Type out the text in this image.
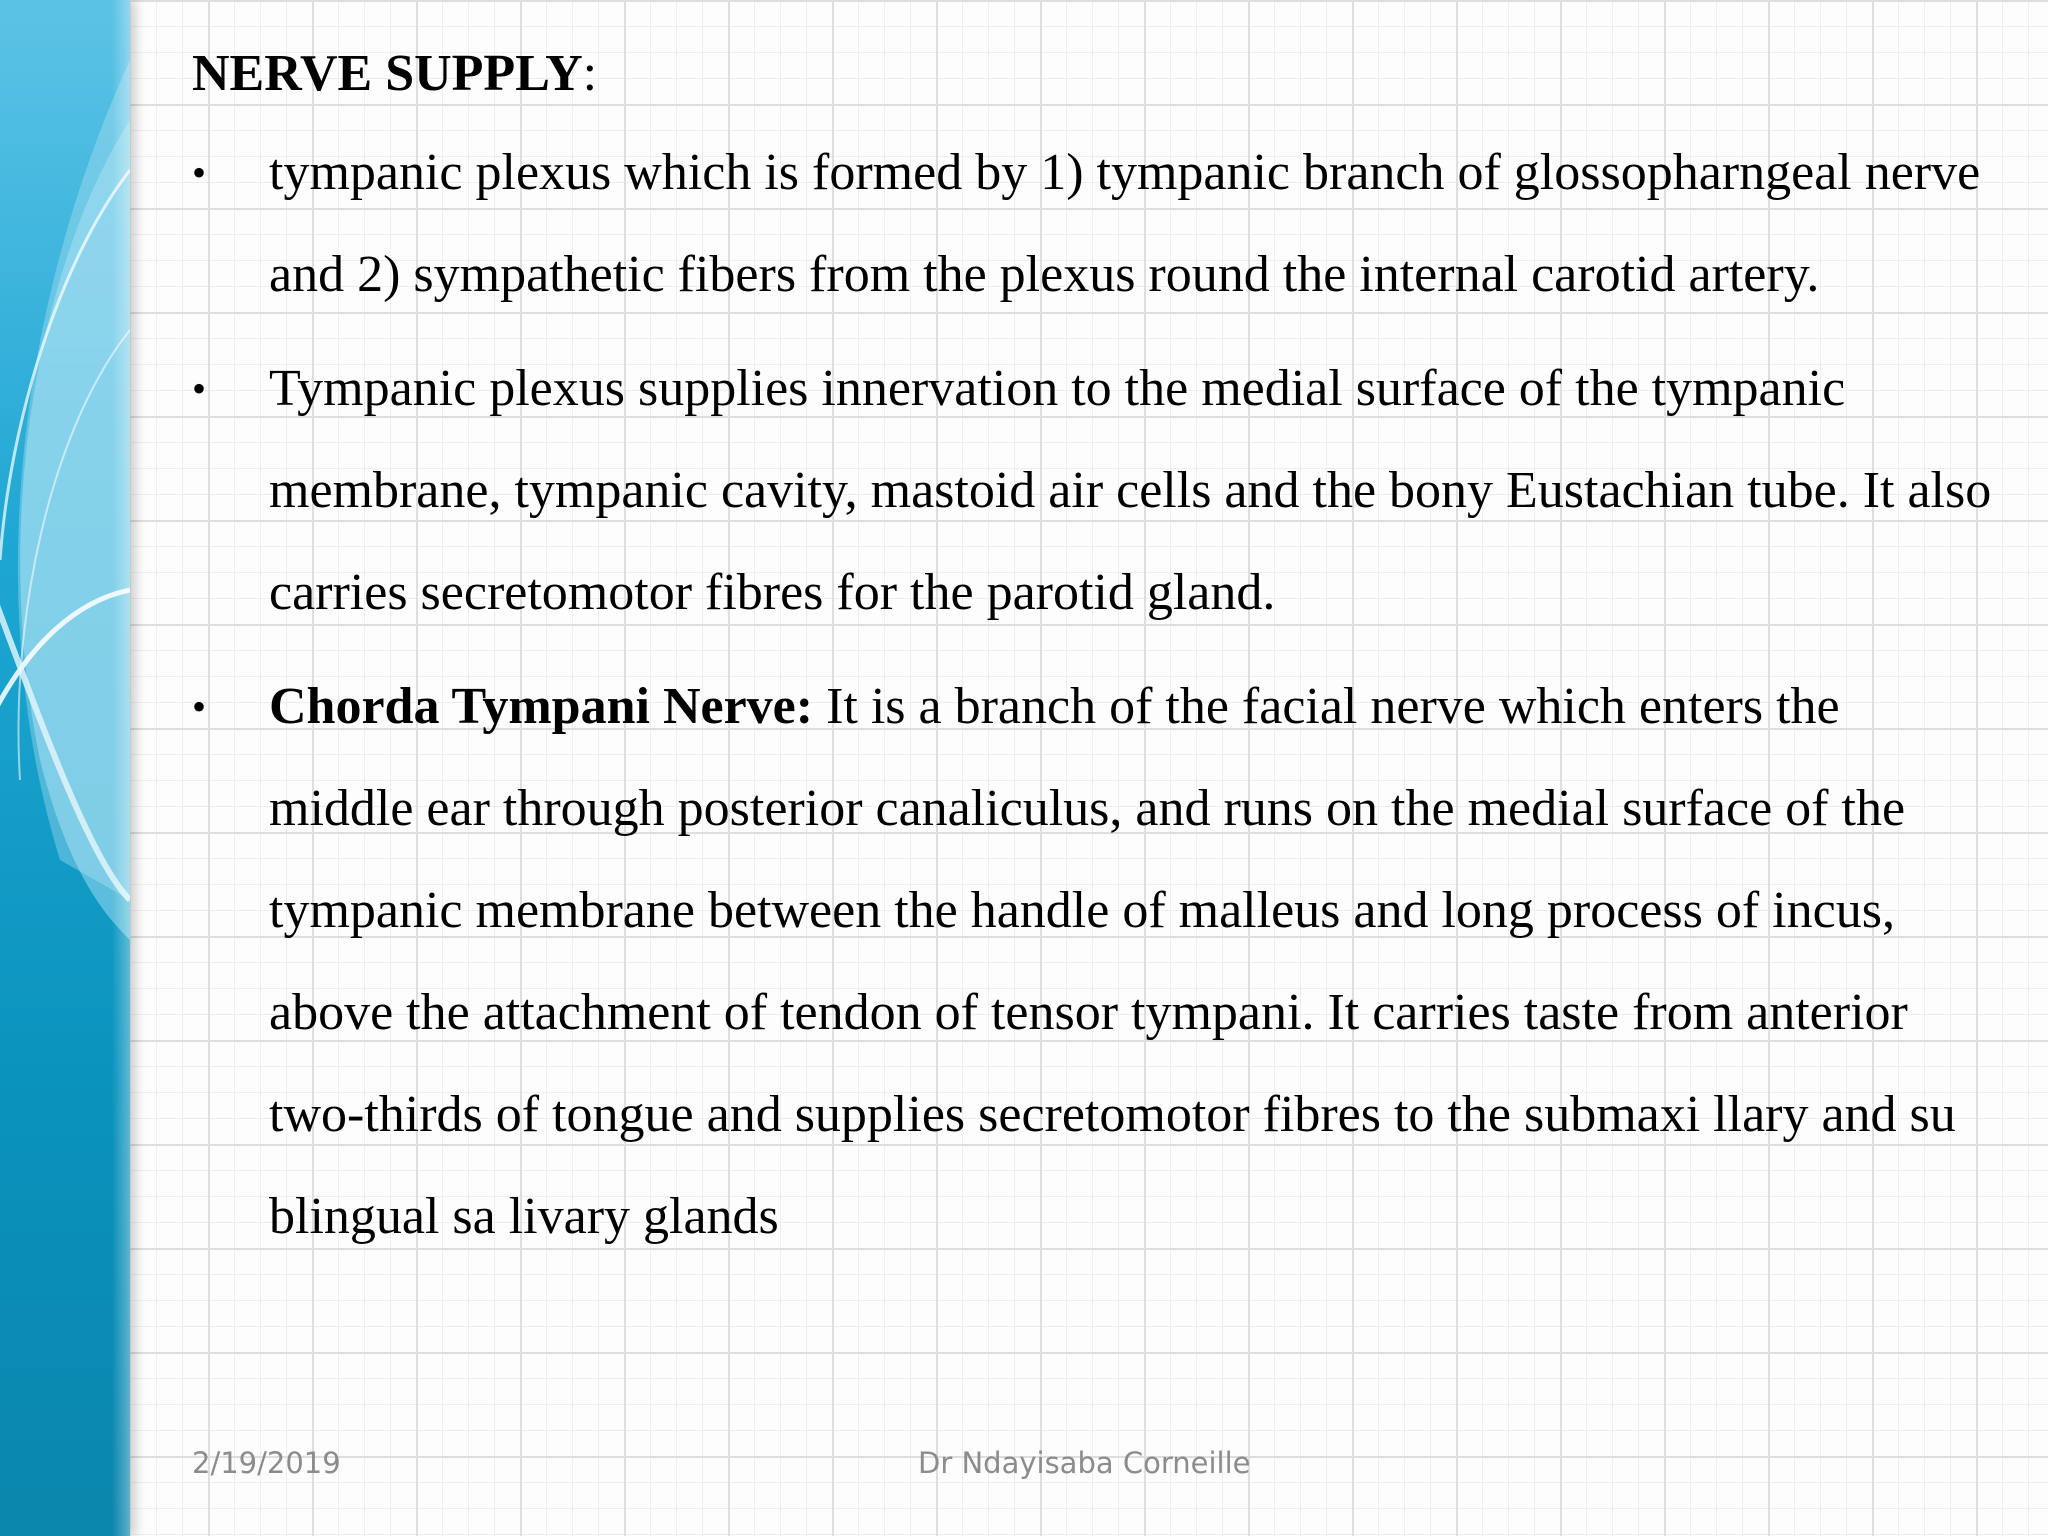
NERVE SUPPLY:
•	tympanic plexus which is formed by 1) tympanic branch of glossopharngeal nerve and 2) sympathetic fibers from the plexus round the internal carotid artery.
•	Tympanic plexus supplies innervation to the medial surface of the tympanic membrane, tympanic cavity, mastoid air cells and the bony Eustachian tube. It also carries secretomotor fibres for the parotid gland.
•	Chorda Tympani Nerve: It is a branch of the facial nerve which enters the middle ear through posterior canaliculus, and runs on the medial surface of the tympanic membrane between the handle of malleus and long process of incus, above the attachment of tendon of tensor tympani. It carries taste from anterior two-thirds of tongue and supplies secretomotor fibres to the submaxi llary and su blingual sa livary glands
2/19/2019	Dr Ndayisaba Corneille
